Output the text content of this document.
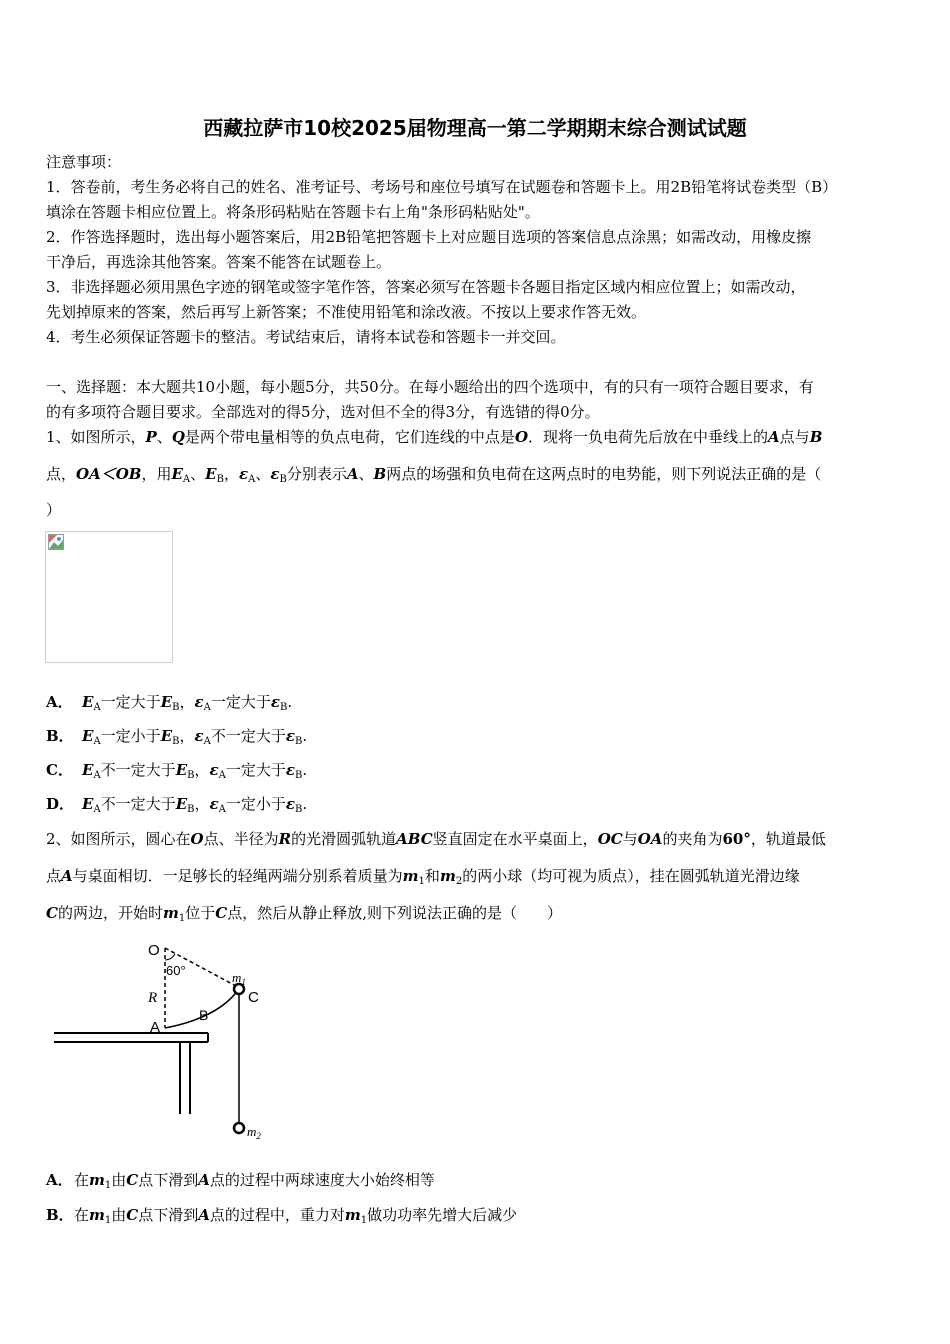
西藏拉萨市10校2025届物理高一第二学期期末综合测试试题
注意事项：
1．答卷前，考生务必将自己的姓名、准考证号、考场号和座位号填写在试题卷和答题卡上。用2B铅笔将试卷类型（B）
填涂在答题卡相应位置上。将条形码粘贴在答题卡右上角"条形码粘贴处"。
2．作答选择题时，选出每小题答案后，用2B铅笔把答题卡上对应题目选项的答案信息点涂黑；如需改动，用橡皮擦
干净后，再选涂其他答案。答案不能答在试题卷上。
3．非选择题必须用黑色字迹的钢笔或签字笔作答，答案必须写在答题卡各题目指定区域内相应位置上；如需改动，
先划掉原来的答案，然后再写上新答案；不准使用铅笔和涂改液。不按以上要求作答无效。
4．考生必须保证答题卡的整洁。考试结束后，请将本试卷和答题卡一并交回。
一、选择题：本大题共10小题，每小题5分，共50分。在每小题给出的四个选项中，有的只有一项符合题目要求，有
的有多项符合题目要求。全部选对的得5分，选对但不全的得3分，有选错的得0分。
1、如图所示，P、Q是两个带电量相等的负点电荷，它们连线的中点是O．现将一负电荷先后放在中垂线上的A点与B
点，OA＜OB，用$E_A$、$E_B$，$\varepsilon_A$、$\varepsilon_B$分别表示A、B两点的场强和负电荷在这两点时的电势能，则下列说法正确的是（
）
A． $E_A$一定大于$E_B$，$\varepsilon_A$一定大于$\varepsilon_B$.
B． $E_A$一定小于$E_B$，$\varepsilon_A$不一定大于$\varepsilon_B$.
C． $E_A$不一定大于$E_B$，$\varepsilon_A$一定大于$\varepsilon_B$.
D． $E_A$不一定大于$E_B$，$\varepsilon_A$一定小于$\varepsilon_B$.
2、如图所示，圆心在O点、半径为R的光滑圆弧轨道ABC竖直固定在水平桌面上，OC与OA的夹角为60°，轨道最低
点A与桌面相切．一足够长的轻绳两端分别系着质量为$m_1$和$m_2$的两小球（均可视为质点），挂在圆弧轨道光滑边缘
C的两边，开始时$m_1$位于C点，然后从静止释放,则下列说法正确的是（　　）
O
60°
R
A
B
C
$m_1$
$m_2$
A．在$m_1$由C点下滑到A点的过程中两球速度大小始终相等
B．在$m_1$由C点下滑到A点的过程中，重力对$m_1$做功功率先增大后减少
